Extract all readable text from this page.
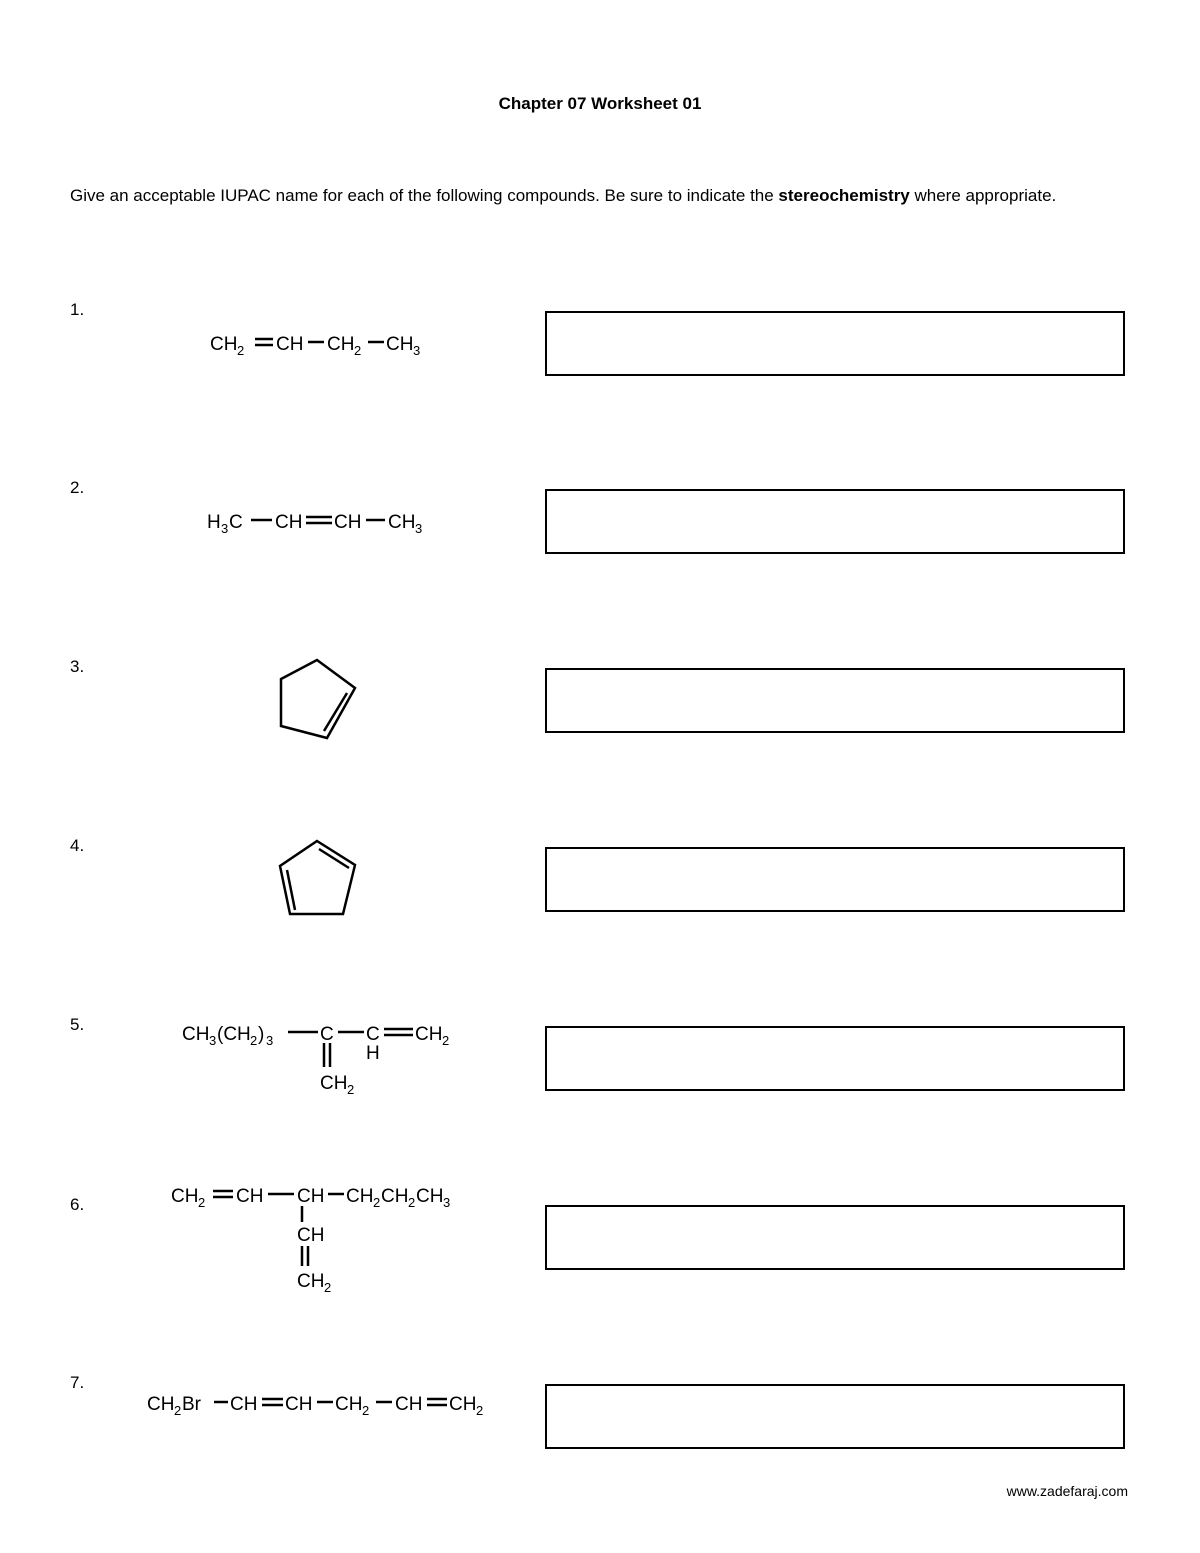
Chapter 07 Worksheet 01
Give an acceptable IUPAC name for each of the following compounds. Be sure to indicate the stereochemistry where appropriate.
1.
2.
3.
4.
5.
6.
7.
CH 2 CH CH 2 CH 3
H 3 C CH CH CH 3
CH 3 (CH 2 ) 3 C C
H
CH 2
CH 2
CH 2 CH CH CH 2 CH 2 CH 3
CH
CH 2
CH 2 Br CH CH CH 2 CH CH 2
www.zadefaraj.com
